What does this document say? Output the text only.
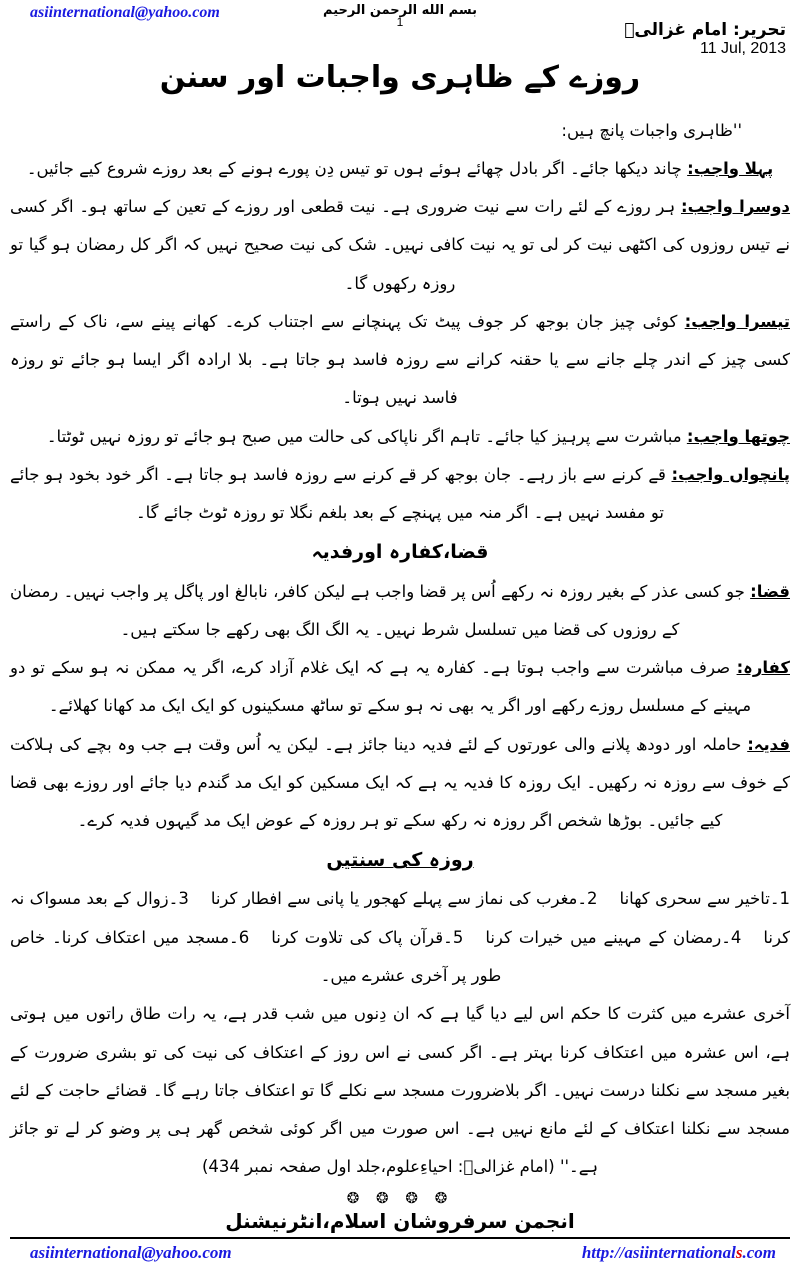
asiinternational@yahoo.com	بسم الله الرحمن الرحيم
1	تحریر: امام غزالیؒ
11 Jul, 2013
روزے کے ظاہری واجبات اور سنن

''ظاہری واجبات پانچ ہیں:

پہلا واجب: چاند دیکھا جائے۔ اگر بادل چھائے ہوئے ہوں تو تیس دِن پورے ہونے کے بعد روزے شروع کیے جائیں۔

دوسرا واجب: ہر روزے کے لئے رات سے نیت ضروری ہے۔ نیت قطعی اور روزے کے تعین کے ساتھ ہو۔ اگر کسی نے تیس روزوں کی اکٹھی نیت کر لی تو یہ نیت کافی نہیں۔ شک کی نیت صحیح نہیں کہ اگر کل رمضان ہو گیا تو روزہ رکھوں گا۔

تیسرا واجب: کوئی چیز جان بوجھ کر جوف پیٹ تک پہنچانے سے اجتناب کرے۔ کھانے پینے سے، ناک کے راستے کسی چیز کے اندر چلے جانے سے یا حقنہ کرانے سے روزہ فاسد ہو جاتا ہے۔ بلا ارادہ اگر ایسا ہو جائے تو روزہ فاسد نہیں ہوتا۔

چوتھا واجب: مباشرت سے پرہیز کیا جائے۔ تاہم اگر ناپاکی کی حالت میں صبح ہو جائے تو روزہ نہیں ٹوٹتا۔

پانچواں واجب: قے کرنے سے باز رہے۔ جان بوجھ کر قے کرنے سے روزہ فاسد ہو جاتا ہے۔ اگر خود بخود ہو جائے تو مفسد نہیں ہے۔ اگر منہ میں پہنچے کے بعد بلغم نگلا تو روزہ ٹوٹ جائے گا۔

قضا،کفارہ اورفدیہ

قضا: جو کسی عذر کے بغیر روزہ نہ رکھے اُس پر قضا واجب ہے لیکن کافر، نابالغ اور پاگل پر واجب نہیں۔ رمضان کے روزوں کی قضا میں تسلسل شرط نہیں۔ یہ الگ الگ بھی رکھے جا سکتے ہیں۔

کفارہ: صرف مباشرت سے واجب ہوتا ہے۔ کفارہ یہ ہے کہ ایک غلام آزاد کرے، اگر یہ ممکن نہ ہو سکے تو دو مہینے کے مسلسل روزے رکھے اور اگر یہ بھی نہ ہو سکے تو ساٹھ مسکینوں کو ایک ایک مد کھانا کھلائے۔

فدیہ: حاملہ اور دودھ پلانے والی عورتوں کے لئے فدیہ دینا جائز ہے۔ لیکن یہ اُس وقت ہے جب وہ بچے کی ہلاکت کے خوف سے روزہ نہ رکھیں۔ ایک روزہ کا فدیہ یہ ہے کہ ایک مسکین کو ایک مد گندم دیا جائے اور روزے بھی قضا کیے جائیں۔ بوڑھا شخص اگر روزہ نہ رکھ سکے تو ہر روزہ کے عوض ایک مد گیہوں فدیہ کرے۔

روزہ کی سنتیں

1۔تاخیر سے سحری کھانا2۔مغرب کی نماز سے پہلے کھجور یا پانی سے افطار کرنا3۔زوال کے بعد مسواک نہ کرنا4۔رمضان کے مہینے میں خیرات کرنا5۔قرآن پاک کی تلاوت کرنا6۔مسجد میں اعتکاف کرنا۔ خاص طور پر آخری عشرے میں۔

آخری عشرے میں کثرت کا حکم اس لیے دیا گیا ہے کہ ان دِنوں میں شب قدر ہے، یہ رات طاق راتوں میں ہوتی ہے، اس عشرہ میں اعتکاف کرنا بہتر ہے۔ اگر کسی نے اس روز کے اعتکاف کی نیت کی تو بشری ضرورت کے بغیر مسجد سے نکلنا درست نہیں۔ اگر بلاضرورت مسجد سے نکلے گا تو اعتکاف جاتا رہے گا۔ قضائے حاجت کے لئے مسجد سے نکلنا اعتکاف کے لئے مانع نہیں ہے۔ اس صورت میں اگر کوئی شخص گھر ہی پر وضو کر لے تو جائز ہے۔'' (امام غزالیؒ: احیاءِعلوم،جلد اول صفحہ نمبر 434)

❂ ❂ ❂ ❂
انجمن سرفروشان اسلام،انٹرنیشنل
asiinternational@yahoo.com	http://asiinternationals.com
